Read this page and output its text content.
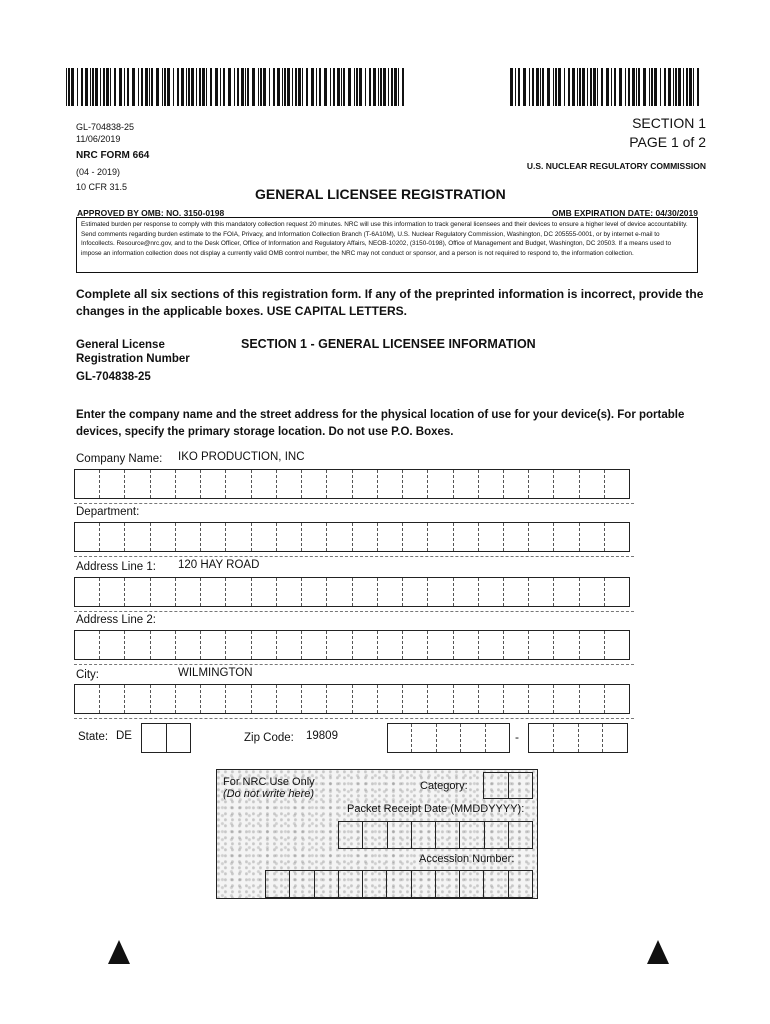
GL-704838-25
11/06/2019
NRC FORM 664
(04 - 2019)
10 CFR 31.5
SECTION 1
PAGE 1 of 2
U.S. NUCLEAR REGULATORY COMMISSION
GENERAL LICENSEE REGISTRATION
APPROVED BY OMB: NO. 3150-0198	OMB EXPIRATION DATE: 04/30/2019
Estimated burden per response to comply with this mandatory collection request 20 minutes. NRC will use this information to track general licensees and their devices to ensure a higher level of device accountability. Send comments regarding burden estimate to the FOIA, Privacy, and Information Collection Branch (T-6A10M), U.S. Nuclear Regulatory Commission, Washington, DC 205555-0001, or by internet e-mail to Infocollects. Resource@nrc.gov, and to the Desk Officer, Office of Information and Regulatory Affairs, NEOB-10202, (3150-0198), Office of Management and Budget, Washington, DC 20503. If a means used to impose an information collection does not display a currently valid OMB control number, the NRC may not conduct or sponsor, and a person is not required to respond to, the information collection.
Complete all six sections of this registration form. If any of the preprinted information is incorrect, provide the changes in the applicable boxes. USE CAPITAL LETTERS.
General License
Registration Number
GL-704838-25
SECTION 1 - GENERAL LICENSEE INFORMATION
Enter the company name and the street address for the physical location of use for your device(s). For portable devices, specify the primary storage location. Do not use P.O. Boxes.
Company Name: IKO PRODUCTION, INC
Department:
Address Line 1: 120 HAY ROAD
Address Line 2:
City:	WILMINGTON
State: DE	Zip Code: 19809	-
For NRC Use Only
(Do not write here)
Category:
Packet Receipt Date (MMDDYYYY):
Accession Number:
